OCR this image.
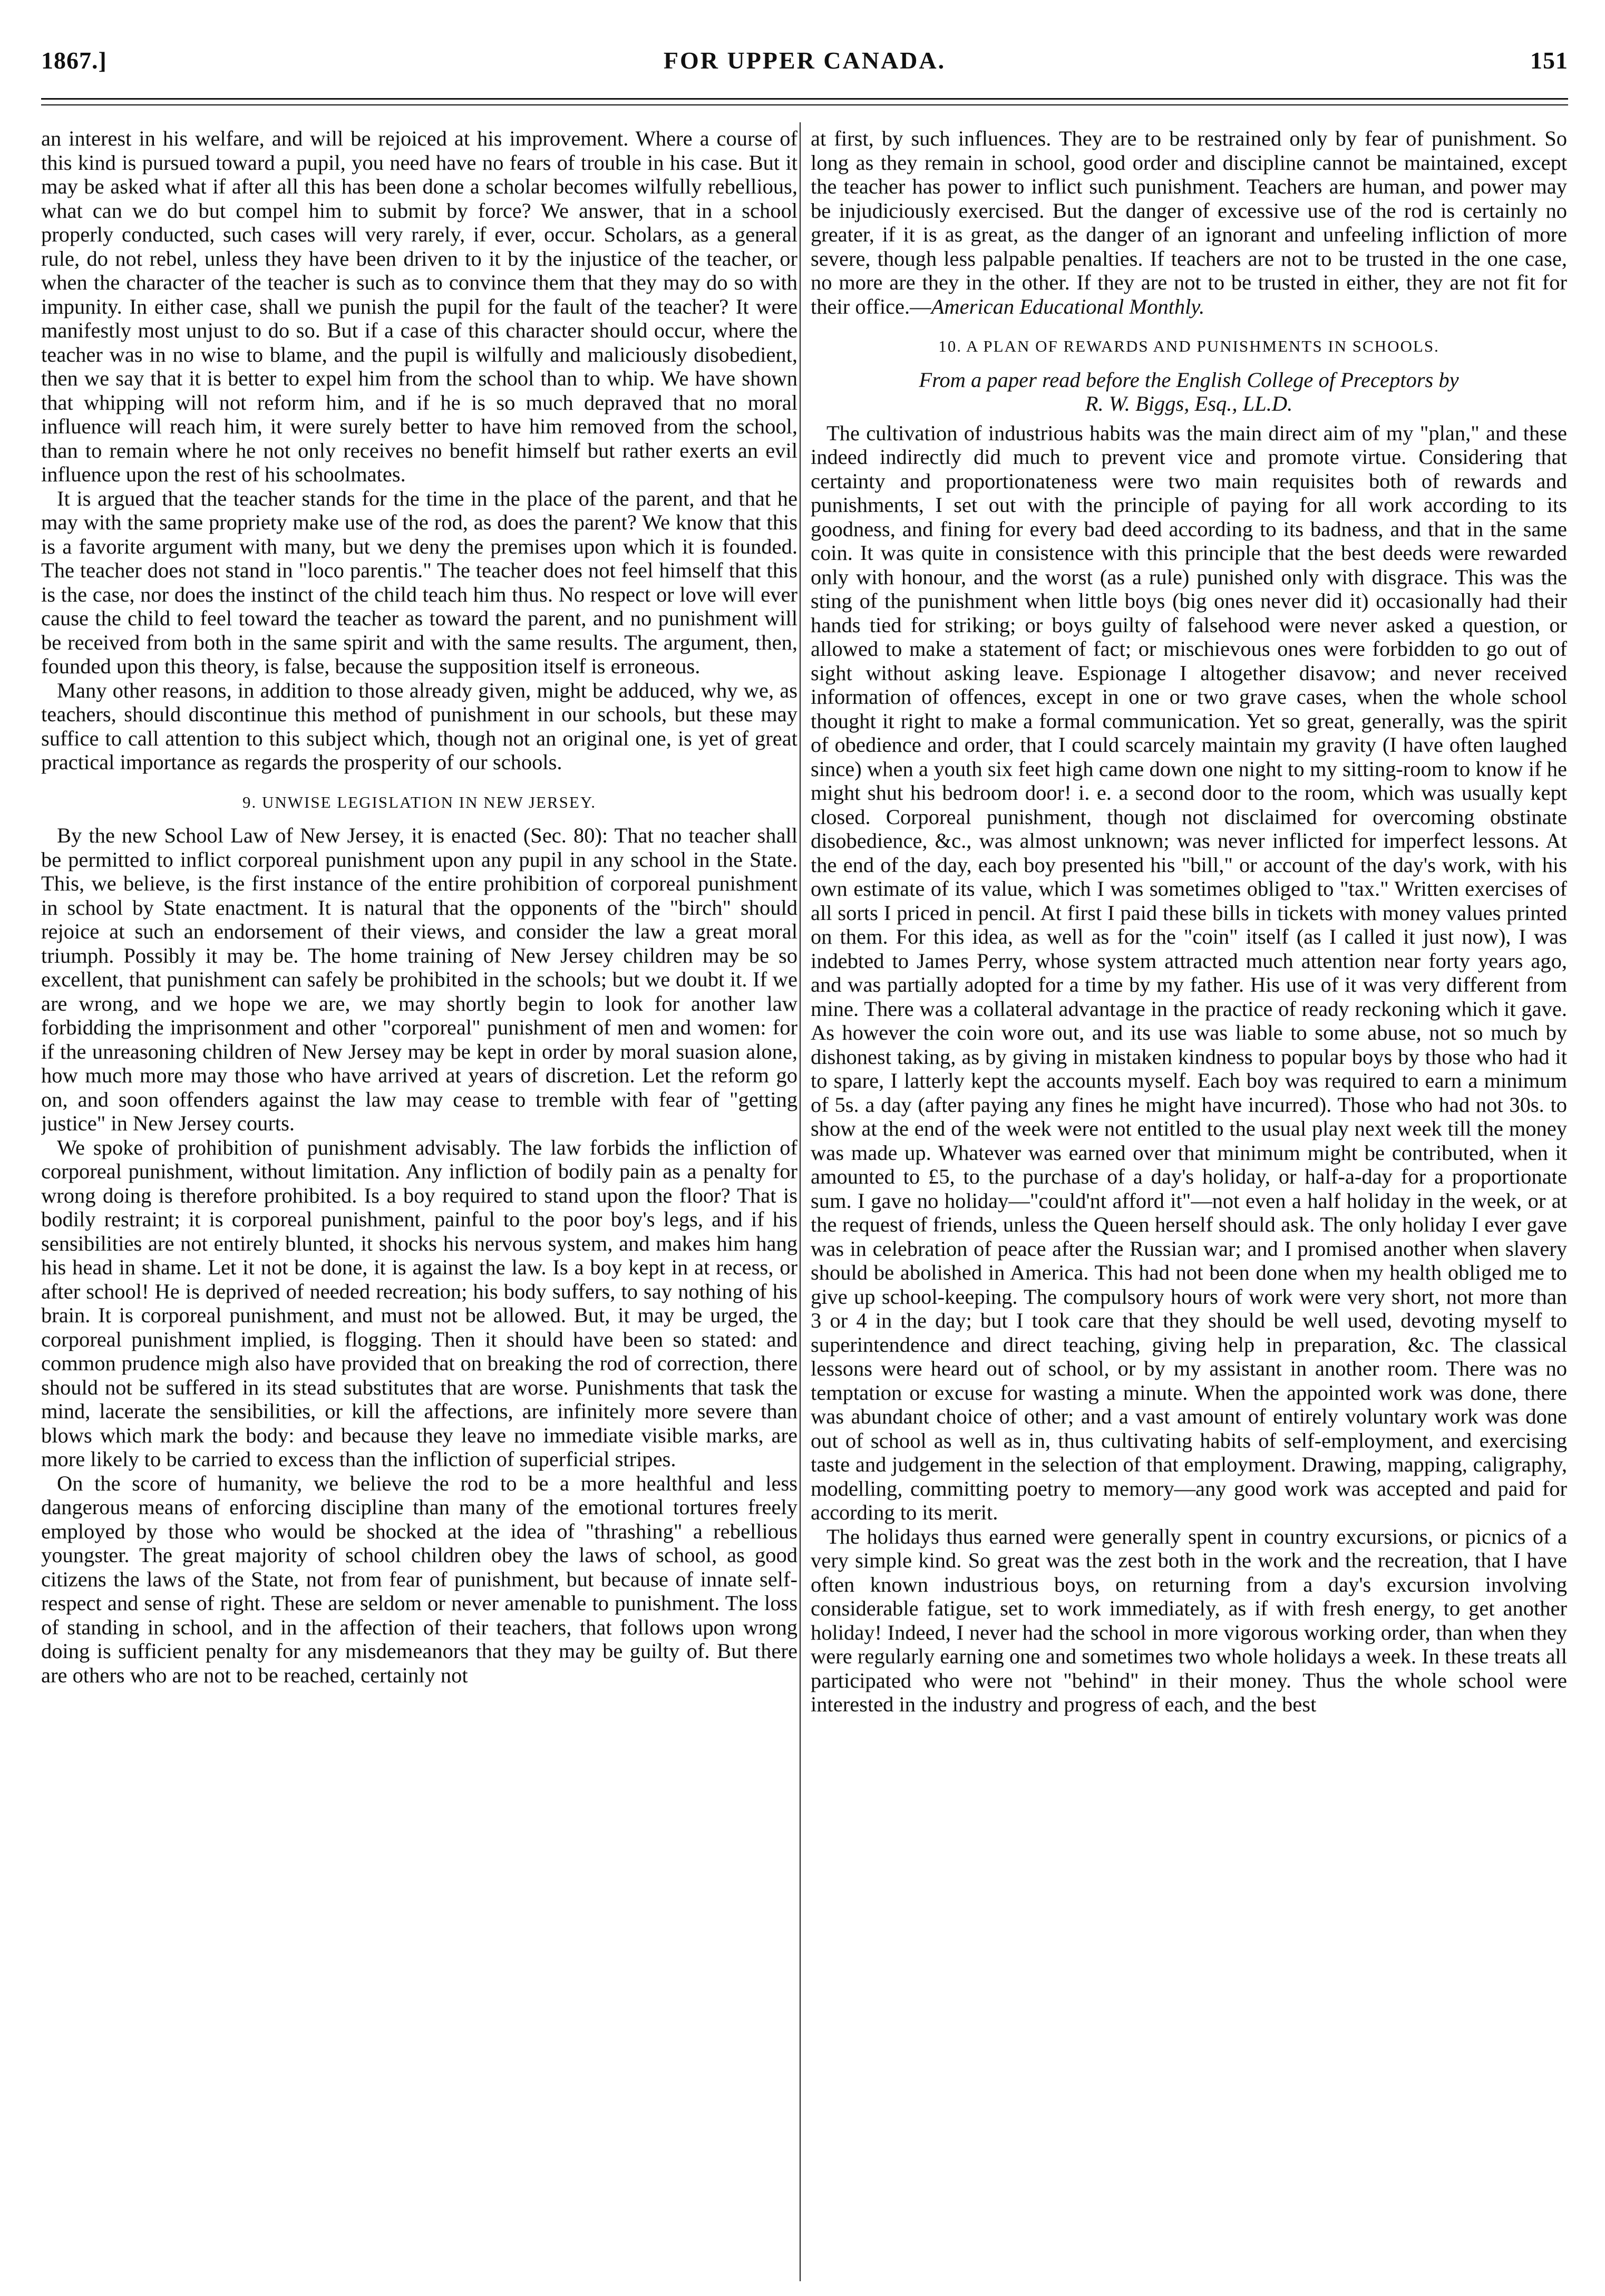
1867.]	FOR UPPER CANADA.	151

an interest in his welfare, and will be rejoiced at his improvement. Where a course of this kind is pursued toward a pupil, you need have no fears of trouble in his case. But it may be asked what if after all this has been done a scholar becomes wilfully rebellious, what can we do but compel him to submit by force? We answer, that in a school properly conducted, such cases will very rarely, if ever, occur. Scholars, as a general rule, do not rebel, unless they have been driven to it by the injustice of the teacher, or when the character of the teacher is such as to convince them that they may do so with impunity. In either case, shall we punish the pupil for the fault of the teacher? It were manifestly most unjust to do so. But if a case of this character should occur, where the teacher was in no wise to blame, and the pupil is wilfully and maliciously disobedient, then we say that it is better to expel him from the school than to whip. We have shown that whipping will not reform him, and if he is so much depraved that no moral influence will reach him, it were surely better to have him removed from the school, than to remain where he not only receives no benefit himself but rather exerts an evil influence upon the rest of his schoolmates.

It is argued that the teacher stands for the time in the place of the parent, and that he may with the same propriety make use of the rod, as does the parent? We know that this is a favorite argument with many, but we deny the premises upon which it is founded. The teacher does not stand in "loco parentis." The teacher does not feel himself that this is the case, nor does the instinct of the child teach him thus. No respect or love will ever cause the child to feel toward the teacher as toward the parent, and no punishment will be received from both in the same spirit and with the same results. The argument, then, founded upon this theory, is false, because the supposition itself is erroneous.

Many other reasons, in addition to those already given, might be adduced, why we, as teachers, should discontinue this method of punishment in our schools, but these may suffice to call attention to this subject which, though not an original one, is yet of great practical importance as regards the prosperity of our schools.

9. UNWISE LEGISLATION IN NEW JERSEY.

By the new School Law of New Jersey, it is enacted (Sec. 80): That no teacher shall be permitted to inflict corporeal punishment upon any pupil in any school in the State. This, we believe, is the first instance of the entire prohibition of corporeal punishment in school by State enactment. It is natural that the opponents of the "birch" should rejoice at such an endorsement of their views, and consider the law a great moral triumph. Possibly it may be. The home training of New Jersey children may be so excellent, that punishment can safely be prohibited in the schools; but we doubt it. If we are wrong, and we hope we are, we may shortly begin to look for another law forbidding the imprisonment and other "corporeal" punishment of men and women: for if the unreasoning children of New Jersey may be kept in order by moral suasion alone, how much more may those who have arrived at years of discretion. Let the reform go on, and soon offenders against the law may cease to tremble with fear of "getting justice" in New Jersey courts.

We spoke of prohibition of punishment advisably. The law forbids the infliction of corporeal punishment, without limitation. Any infliction of bodily pain as a penalty for wrong doing is therefore prohibited. Is a boy required to stand upon the floor? That is bodily restraint; it is corporeal punishment, painful to the poor boy's legs, and if his sensibilities are not entirely blunted, it shocks his nervous system, and makes him hang his head in shame. Let it not be done, it is against the law. Is a boy kept in at recess, or after school! He is deprived of needed recreation; his body suffers, to say nothing of his brain. It is corporeal punishment, and must not be allowed. But, it may be urged, the corporeal punishment implied, is flogging. Then it should have been so stated: and common prudence migh also have provided that on breaking the rod of correction, there should not be suffered in its stead substitutes that are worse. Punishments that task the mind, lacerate the sensibilities, or kill the affections, are infinitely more severe than blows which mark the body: and because they leave no immediate visible marks, are more likely to be carried to excess than the infliction of superficial stripes.

On the score of humanity, we believe the rod to be a more healthful and less dangerous means of enforcing discipline than many of the emotional tortures freely employed by those who would be shocked at the idea of "thrashing" a rebellious youngster. The great majority of school children obey the laws of school, as good citizens the laws of the State, not from fear of punishment, but because of innate self-respect and sense of right. These are seldom or never amenable to punishment. The loss of standing in school, and in the affection of their teachers, that follows upon wrong doing is sufficient penalty for any misdemeanors that they may be guilty of. But there are others who are not to be reached, certainly not

at first, by such influences. They are to be restrained only by fear of punishment. So long as they remain in school, good order and discipline cannot be maintained, except the teacher has power to inflict such punishment. Teachers are human, and power may be injudiciously exercised. But the danger of excessive use of the rod is certainly no greater, if it is as great, as the danger of an ignorant and unfeeling infliction of more severe, though less palpable penalties. If teachers are not to be trusted in the one case, no more are they in the other. If they are not to be trusted in either, they are not fit for their office.—American Educational Monthly.

10. A PLAN OF REWARDS AND PUNISHMENTS IN SCHOOLS.

From a paper read before the English College of Preceptors by
R. W. Biggs, Esq., LL.D.

The cultivation of industrious habits was the main direct aim of my "plan," and these indeed indirectly did much to prevent vice and promote virtue. Considering that certainty and proportionateness were two main requisites both of rewards and punishments, I set out with the principle of paying for all work according to its goodness, and fining for every bad deed according to its badness, and that in the same coin. It was quite in consistence with this principle that the best deeds were rewarded only with honour, and the worst (as a rule) punished only with disgrace. This was the sting of the punishment when little boys (big ones never did it) occasionally had their hands tied for striking; or boys guilty of falsehood were never asked a question, or allowed to make a statement of fact; or mischievous ones were forbidden to go out of sight without asking leave. Espionage I altogether disavow; and never received information of offences, except in one or two grave cases, when the whole school thought it right to make a formal communication. Yet so great, generally, was the spirit of obedience and order, that I could scarcely maintain my gravity (I have often laughed since) when a youth six feet high came down one night to my sitting-room to know if he might shut his bedroom door! i. e. a second door to the room, which was usually kept closed. Corporeal punishment, though not disclaimed for overcoming obstinate disobedience, &c., was almost unknown; was never inflicted for imperfect lessons. At the end of the day, each boy presented his "bill," or account of the day's work, with his own estimate of its value, which I was sometimes obliged to "tax." Written exercises of all sorts I priced in pencil. At first I paid these bills in tickets with money values printed on them. For this idea, as well as for the "coin" itself (as I called it just now), I was indebted to James Perry, whose system attracted much attention near forty years ago, and was partially adopted for a time by my father. His use of it was very different from mine. There was a collateral advantage in the practice of ready reckoning which it gave. As however the coin wore out, and its use was liable to some abuse, not so much by dishonest taking, as by giving in mistaken kindness to popular boys by those who had it to spare, I latterly kept the accounts myself. Each boy was required to earn a minimum of 5s. a day (after paying any fines he might have incurred). Those who had not 30s. to show at the end of the week were not entitled to the usual play next week till the money was made up. Whatever was earned over that minimum might be contributed, when it amounted to £5, to the purchase of a day's holiday, or half-a-day for a proportionate sum. I gave no holiday—"could'nt afford it"—not even a half holiday in the week, or at the request of friends, unless the Queen herself should ask. The only holiday I ever gave was in celebration of peace after the Russian war; and I promised another when slavery should be abolished in America. This had not been done when my health obliged me to give up school-keeping. The compulsory hours of work were very short, not more than 3 or 4 in the day; but I took care that they should be well used, devoting myself to superintendence and direct teaching, giving help in preparation, &c. The classical lessons were heard out of school, or by my assistant in another room. There was no temptation or excuse for wasting a minute. When the appointed work was done, there was abundant choice of other; and a vast amount of entirely voluntary work was done out of school as well as in, thus cultivating habits of self-employment, and exercising taste and judgement in the selection of that employment. Drawing, mapping, caligraphy, modelling, committing poetry to memory—any good work was accepted and paid for according to its merit.

The holidays thus earned were generally spent in country excursions, or picnics of a very simple kind. So great was the zest both in the work and the recreation, that I have often known industrious boys, on returning from a day's excursion involving considerable fatigue, set to work immediately, as if with fresh energy, to get another holiday! Indeed, I never had the school in more vigorous working order, than when they were regularly earning one and sometimes two whole holidays a week. In these treats all participated who were not "behind" in their money. Thus the whole school were interested in the industry and progress of each, and the best
